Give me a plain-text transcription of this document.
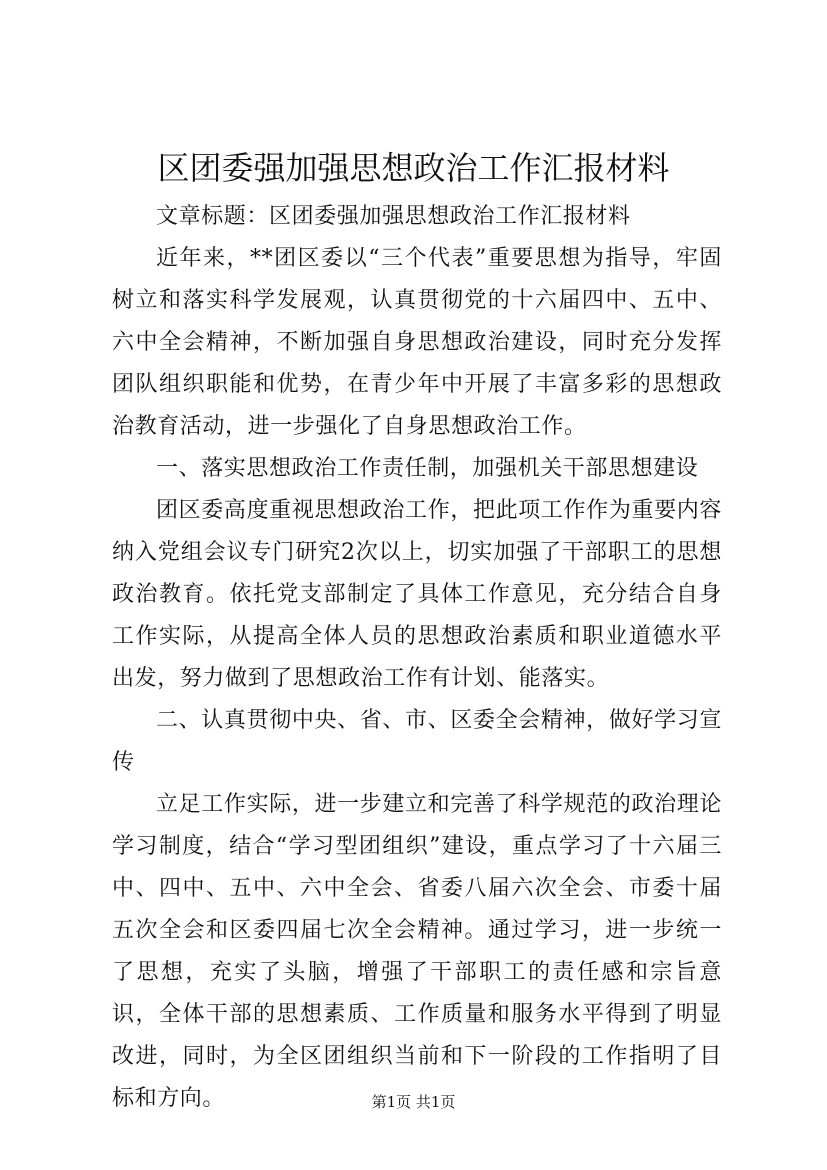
区团委强加强思想政治工作汇报材料

文章标题：区团委强加强思想政治工作汇报材料

近年来，**团区委以“三个代表”重要思想为指导，牢固树立和落实科学发展观，认真贯彻党的十六届四中、五中、六中全会精神，不断加强自身思想政治建设，同时充分发挥团队组织职能和优势，在青少年中开展了丰富多彩的思想政治教育活动，进一步强化了自身思想政治工作。

一、落实思想政治工作责任制，加强机关干部思想建设

团区委高度重视思想政治工作，把此项工作作为重要内容纳入党组会议专门研究2次以上，切实加强了干部职工的思想政治教育。依托党支部制定了具体工作意见，充分结合自身工作实际，从提高全体人员的思想政治素质和职业道德水平出发，努力做到了思想政治工作有计划、能落实。

二、认真贯彻中央、省、市、区委全会精神，做好学习宣传

立足工作实际，进一步建立和完善了科学规范的政治理论学习制度，结合“学习型团组织”建设，重点学习了十六届三中、四中、五中、六中全会、省委八届六次全会、市委十届五次全会和区委四届七次全会精神。通过学习，进一步统一了思想，充实了头脑，增强了干部职工的责任感和宗旨意识，全体干部的思想素质、工作质量和服务水平得到了明显改进，同时，为全区团组织当前和下一阶段的工作指明了目标和方向。	第1页 共1页
